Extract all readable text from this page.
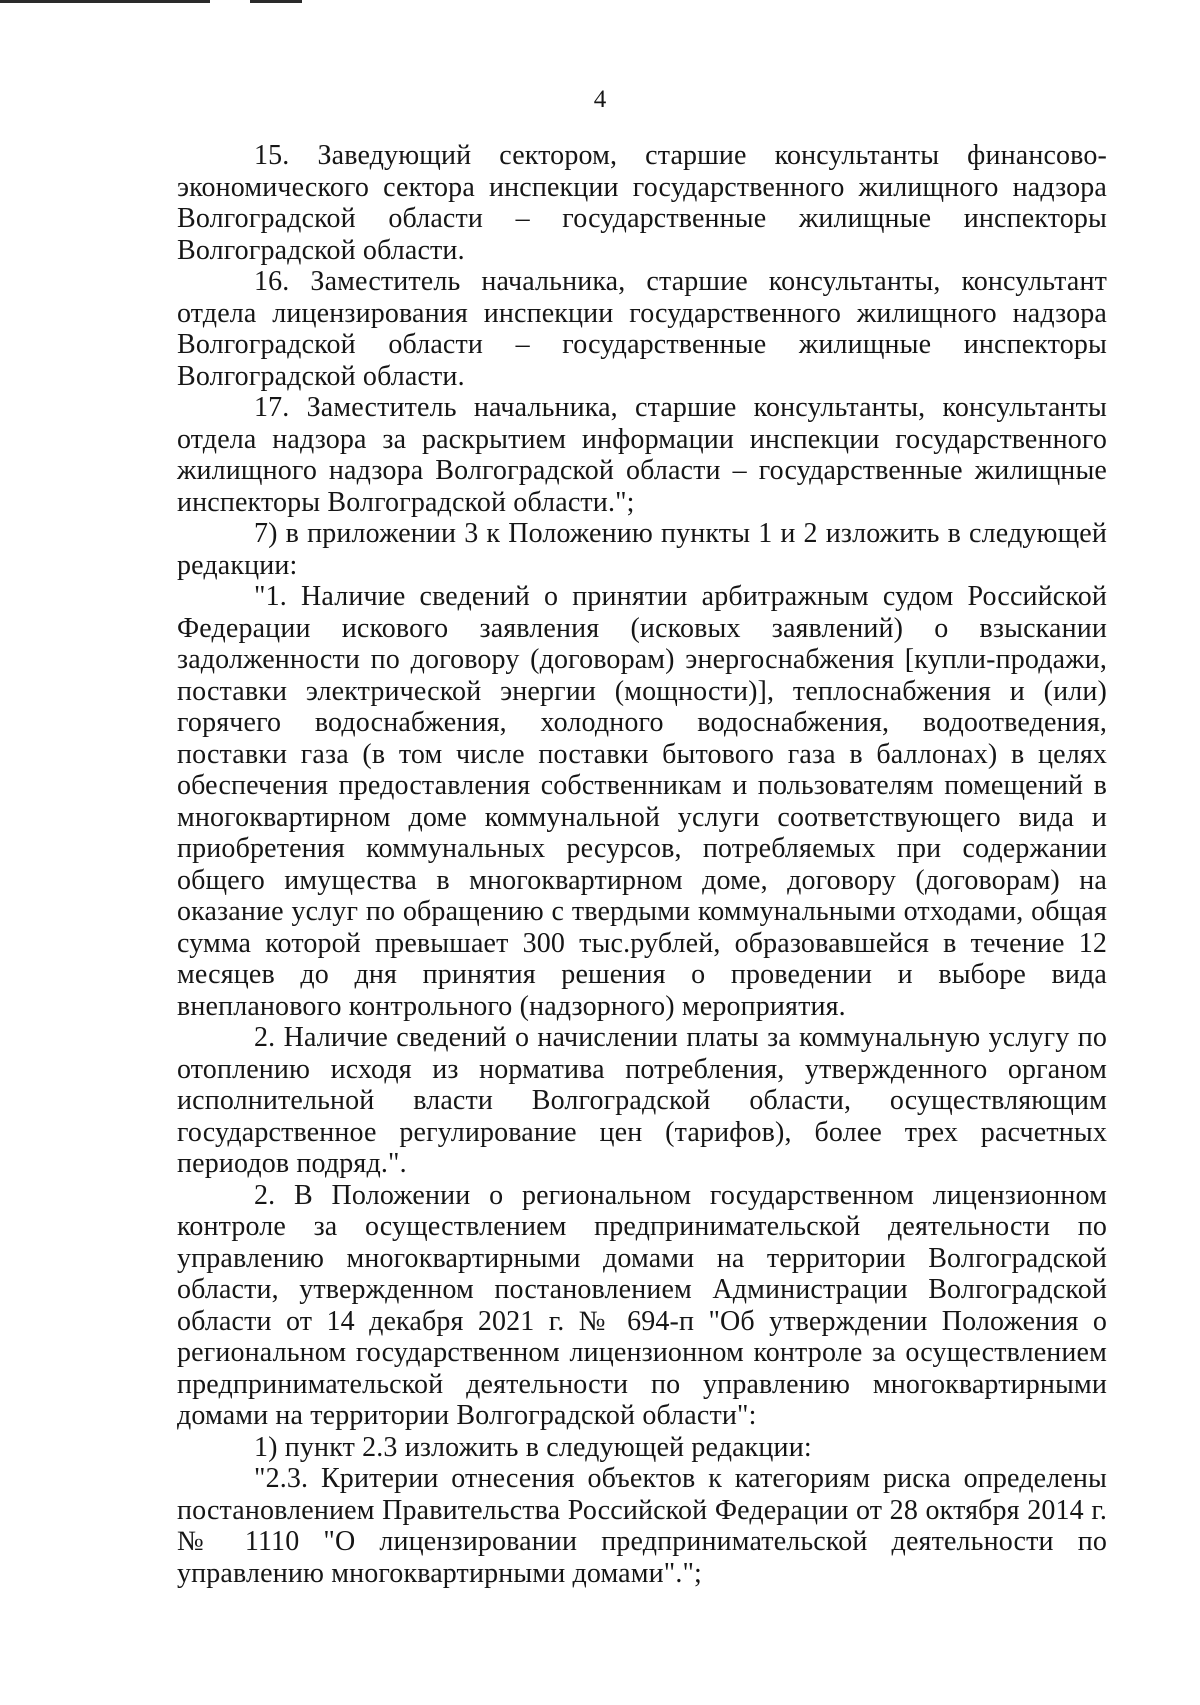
4

15. Заведующий сектором, старшие консультанты финансово-экономического сектора инспекции государственного жилищного надзора Волгоградской области – государственные жилищные инспекторы Волгоградской области.

16. Заместитель начальника, старшие консультанты, консультант отдела лицензирования инспекции государственного жилищного надзора Волгоградской области – государственные жилищные инспекторы Волгоградской области.

17. Заместитель начальника, старшие консультанты, консультанты отдела надзора за раскрытием информации инспекции государственного жилищного надзора Волгоградской области – государственные жилищные инспекторы Волгоградской области.";

7) в приложении 3 к Положению пункты 1 и 2 изложить в следующей редакции:

"1. Наличие сведений о принятии арбитражным судом Российской Федерации искового заявления (исковых заявлений) о взыскании задолженности по договору (договорам) энергоснабжения [купли-продажи, поставки электрической энергии (мощности)], теплоснабжения и (или) горячего водоснабжения, холодного водоснабжения, водоотведения, поставки газа (в том числе поставки бытового газа в баллонах) в целях обеспечения предоставления собственникам и пользователям помещений в многоквартирном доме коммунальной услуги соответствующего вида и приобретения коммунальных ресурсов, потребляемых при содержании общего имущества в многоквартирном доме, договору (договорам) на оказание услуг по обращению с твердыми коммунальными отходами, общая сумма которой превышает 300 тыс.рублей, образовавшейся в течение 12 месяцев до дня принятия решения о проведении и выборе вида внепланового контрольного (надзорного) мероприятия.

2. Наличие сведений о начислении платы за коммунальную услугу по отоплению исходя из норматива потребления, утвержденного органом исполнительной власти Волгоградской области, осуществляющим государственное регулирование цен (тарифов), более трех расчетных периодов подряд.".

2. В Положении о региональном государственном лицензионном контроле за осуществлением предпринимательской деятельности по управлению многоквартирными домами на территории Волгоградской области, утвержденном постановлением Администрации Волгоградской области от 14 декабря 2021 г. № 694-п "Об утверждении Положения о региональном государственном лицензионном контроле за осуществлением предпринимательской деятельности по управлению многоквартирными домами на территории Волгоградской области":

1) пункт 2.3 изложить в следующей редакции:

"2.3. Критерии отнесения объектов к категориям риска определены постановлением Правительства Российской Федерации от 28 октября 2014 г. № 1110 "О лицензировании предпринимательской деятельности по управлению многоквартирными домами".";
